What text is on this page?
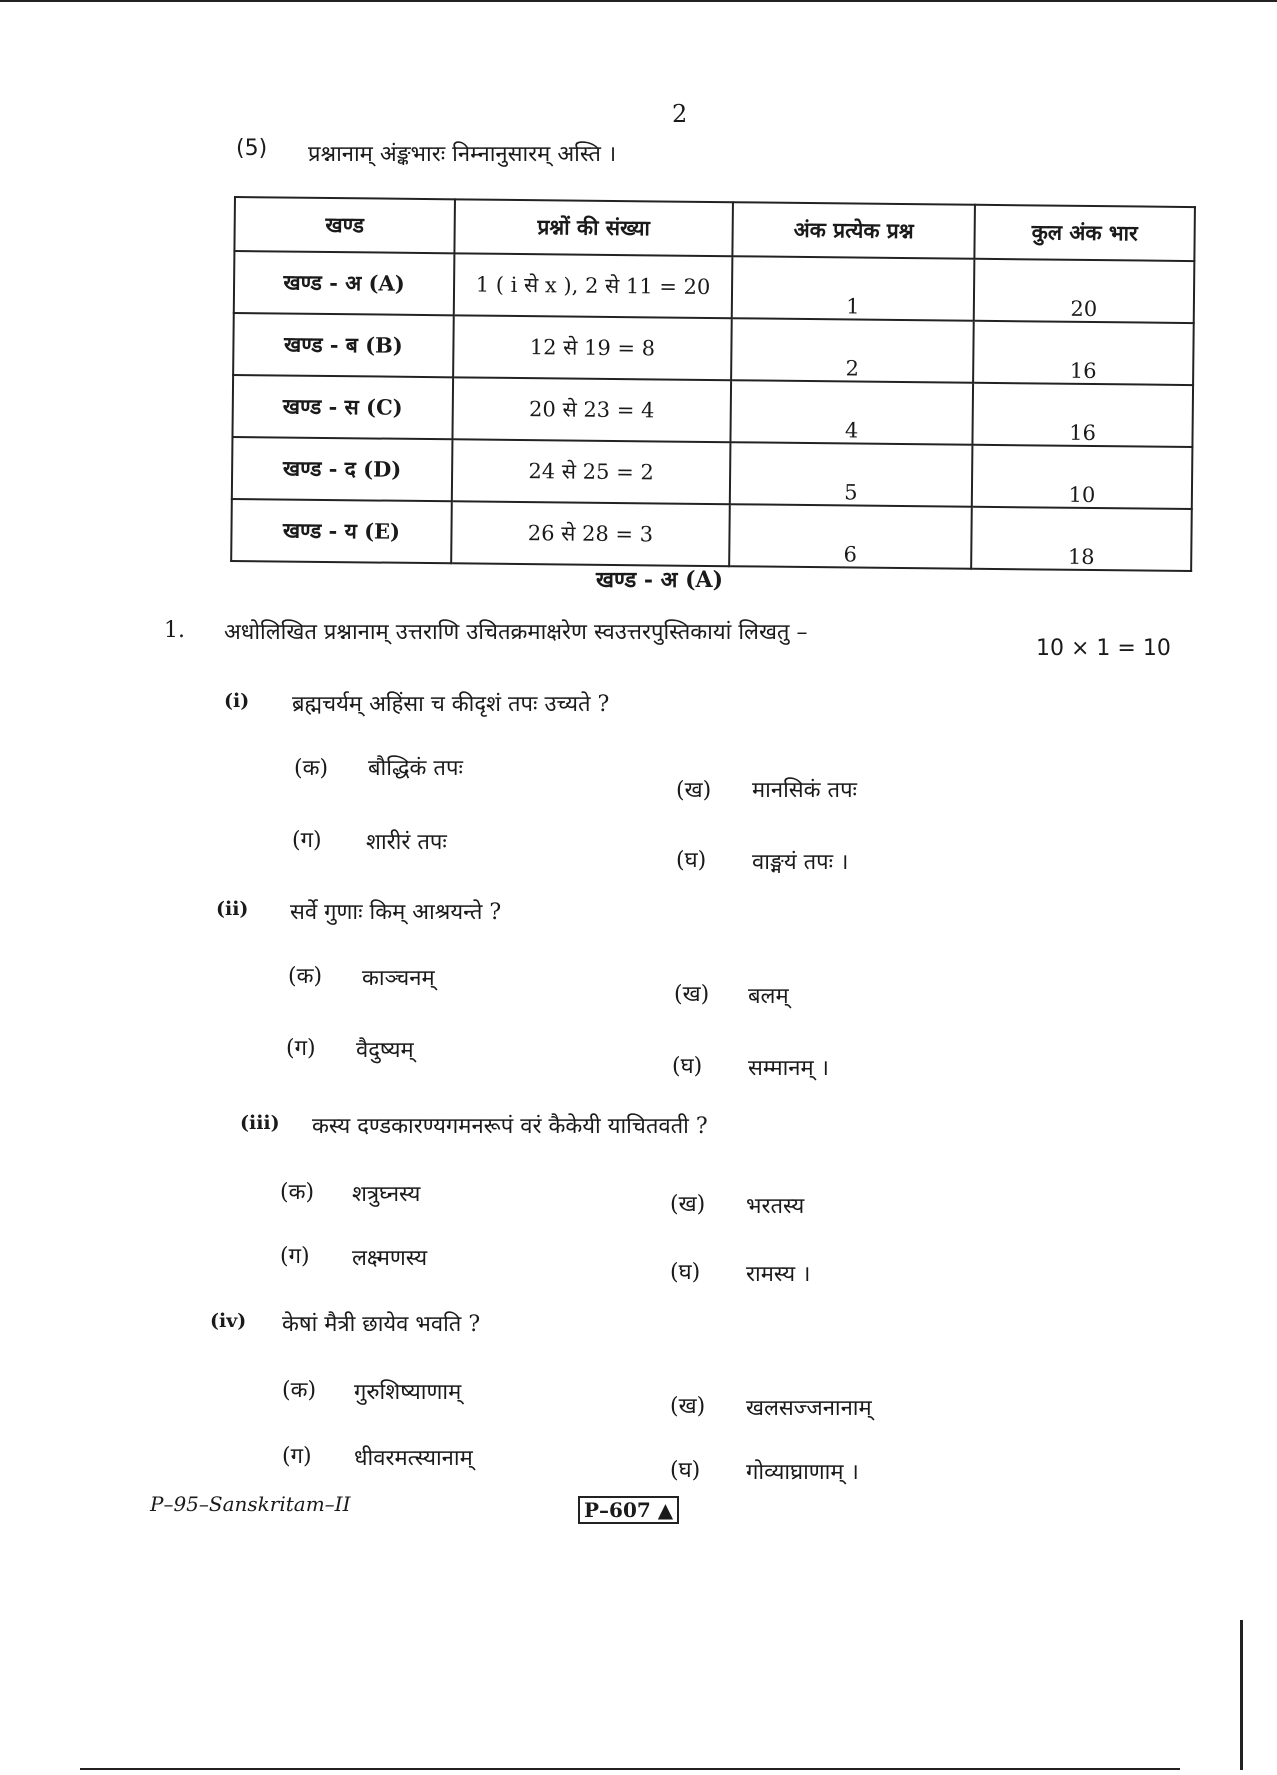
2
(5) प्रश्नानाम् अंङ्कभारः निम्नानुसारम् अस्ति ।
खण्ड	प्रश्नों की संख्या	अंक प्रत्येक प्रश्न	कुल अंक भार
खण्ड - अ (A)	1 ( i से x ), 2 से 11 = 20	1	20
खण्ड - ब (B)	12 से 19 = 8	2	16
खण्ड - स (C)	20 से 23 = 4	4	16
खण्ड - द (D)	24 से 25 = 2	5	10
खण्ड - य (E)	26 से 28 = 3	6	18
खण्ड - अ (A)
1. अधोलिखित प्रश्नानाम् उत्तराणि उचितक्रमाक्षरेण स्वउत्तरपुस्तिकायां लिखतु –
10 × 1 = 10
(i) ब्रह्मचर्यम् अहिंसा च कीदृशं तपः उच्यते ?
(क) बौद्धिकं तपः
(ख) मानसिकं तपः
(ग) शारीरं तपः
(घ) वाङ्मयं तपः ।
(ii) सर्वे गुणाः किम् आश्रयन्ते ?
(क) काञ्चनम्
(ख) बलम्
(ग) वैदुष्यम्
(घ) सम्मानम् ।
(iii) कस्य दण्डकारण्यगमनरूपं वरं कैकेयी याचितवती ?
(क) शत्रुघ्नस्य	(ख) भरतस्य
(ग) लक्ष्मणस्य
(घ) रामस्य ।
(iv) केषां मैत्री छायेव भवति ?
(क) गुरुशिष्याणाम्
(ख) खलसज्जनानाम्
(ग) धीवरमत्स्यानाम्	(घ) गोव्याघ्राणाम् ।
P–95–Sanskritam–II	P–607 ▲
